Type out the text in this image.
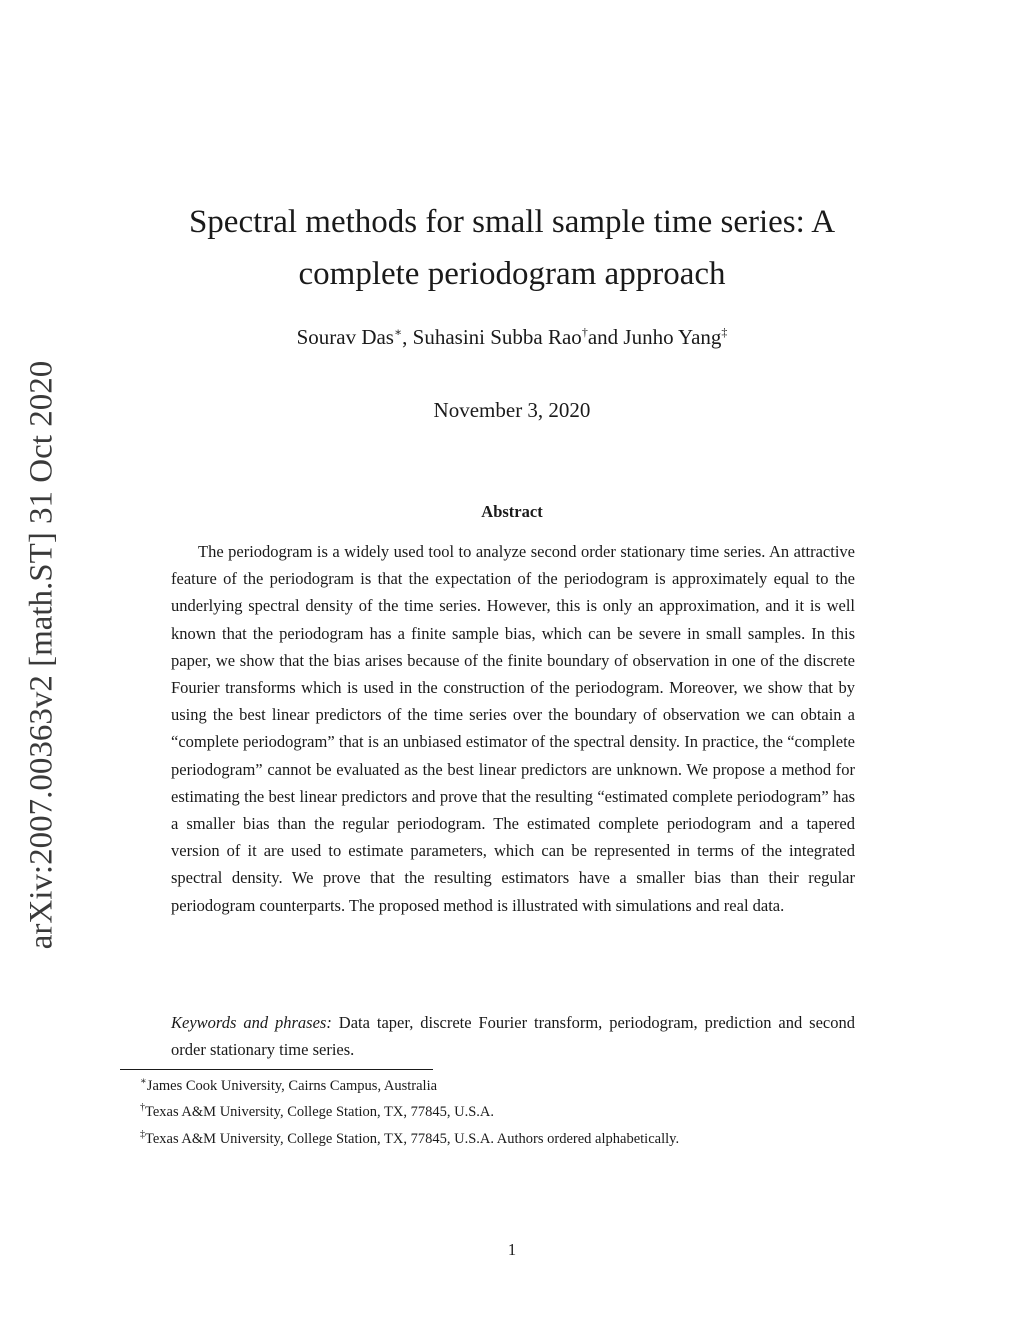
arXiv:2007.00363v2 [math.ST] 31 Oct 2020
Spectral methods for small sample time series: A complete periodogram approach
Sourav Das∗, Suhasini Subba Rao†and Junho Yang‡
November 3, 2020
Abstract
The periodogram is a widely used tool to analyze second order stationary time series. An attractive feature of the periodogram is that the expectation of the periodogram is approximately equal to the underlying spectral density of the time series. However, this is only an approximation, and it is well known that the periodogram has a finite sample bias, which can be severe in small samples. In this paper, we show that the bias arises because of the finite boundary of observation in one of the discrete Fourier transforms which is used in the construction of the periodogram. Moreover, we show that by using the best linear predictors of the time series over the boundary of observation we can obtain a “complete periodogram” that is an unbiased estimator of the spectral density. In practice, the “complete periodogram” cannot be evaluated as the best linear predictors are unknown. We propose a method for estimating the best linear predictors and prove that the resulting “estimated complete periodogram” has a smaller bias than the regular periodogram. The estimated complete periodogram and a tapered version of it are used to estimate parameters, which can be represented in terms of the integrated spectral density. We prove that the resulting estimators have a smaller bias than their regular periodogram counterparts. The proposed method is illustrated with simulations and real data.
Keywords and phrases: Data taper, discrete Fourier transform, periodogram, prediction and second order stationary time series.
∗James Cook University, Cairns Campus, Australia
†Texas A&M University, College Station, TX, 77845, U.S.A.
‡Texas A&M University, College Station, TX, 77845, U.S.A. Authors ordered alphabetically.
1
